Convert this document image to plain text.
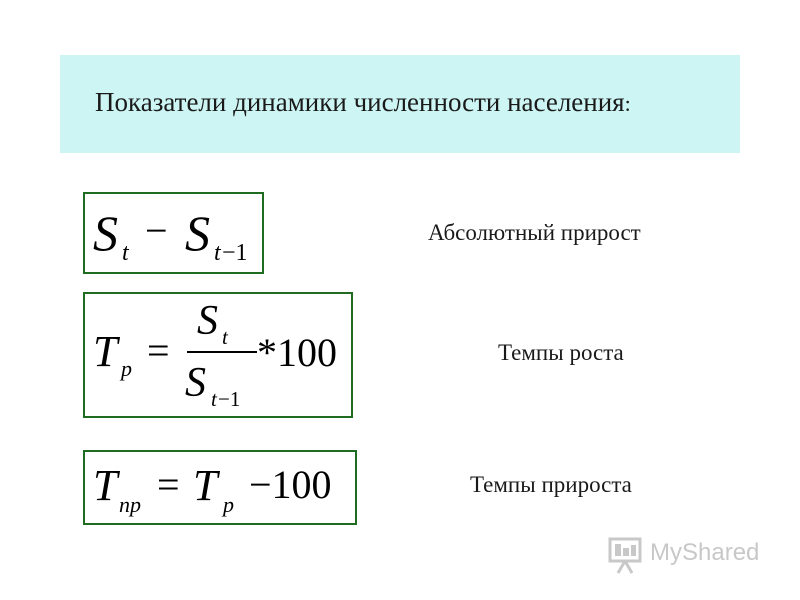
Показатели динамики численности населения:
S t − S t −1
Абсолютный прирост
T p =
S t
S t −1
*100	Темпы роста
T np = T p −100	Темпы прироста
MyShared
